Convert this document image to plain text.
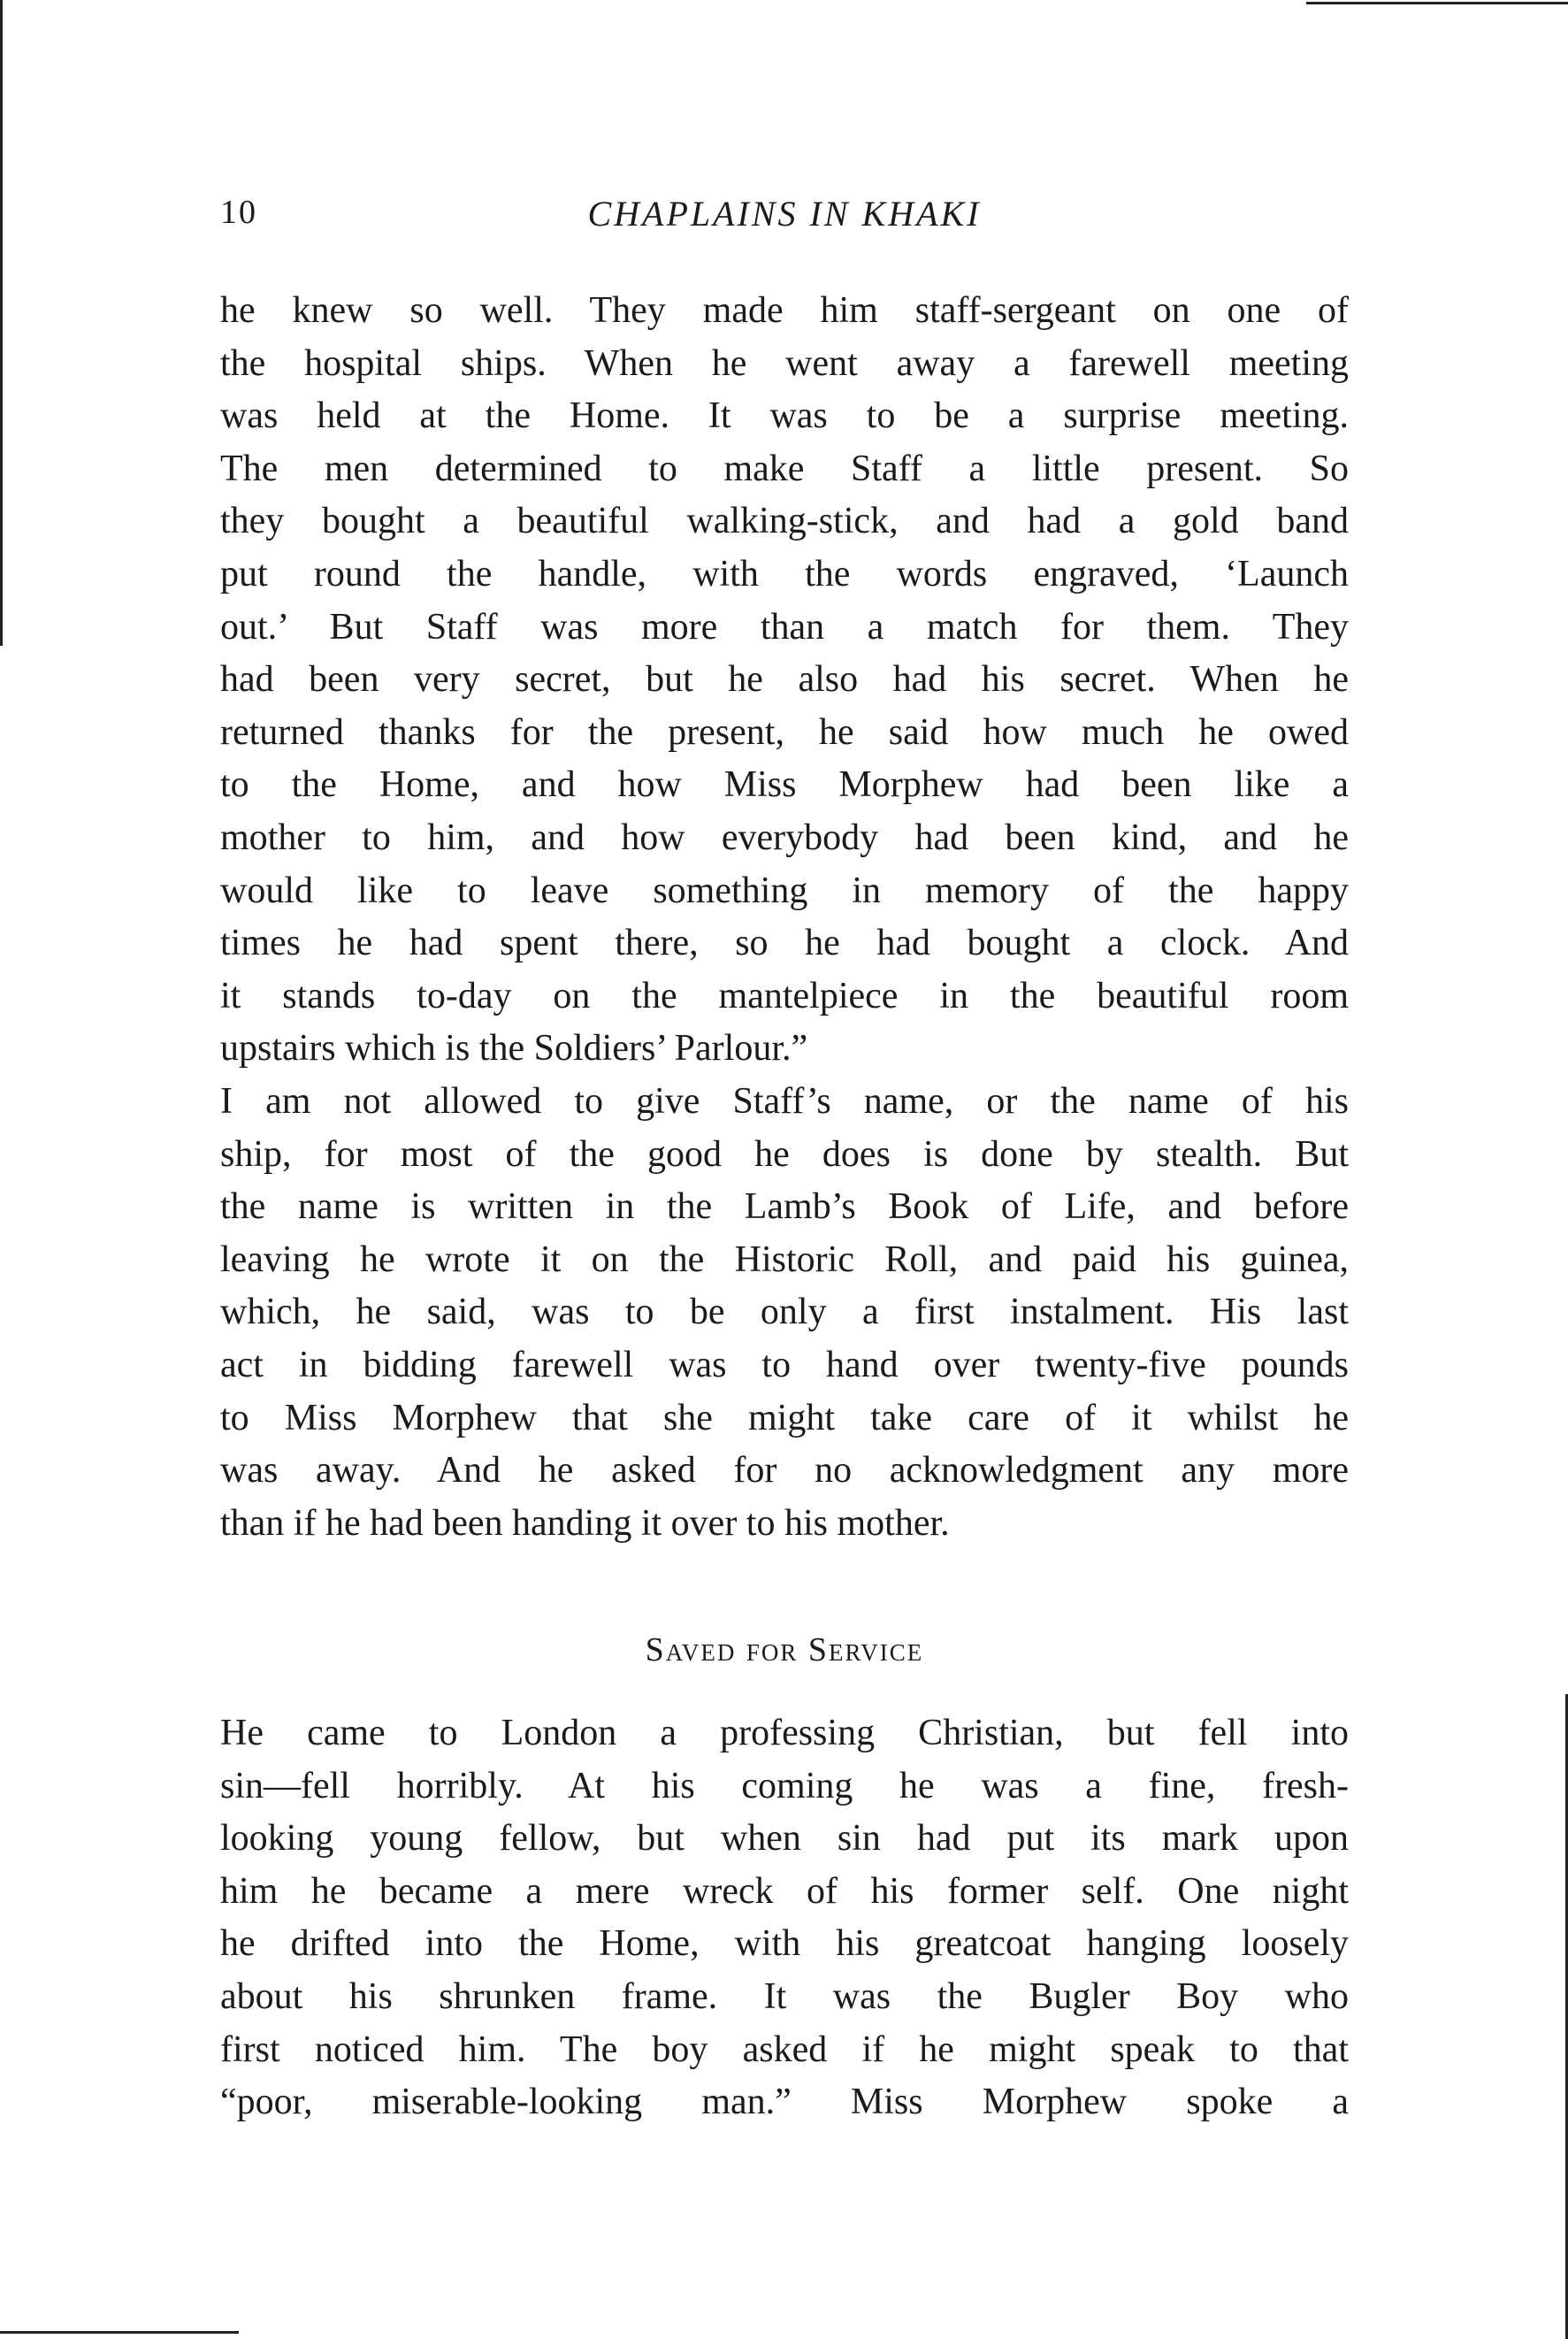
10	CHAPLAINS IN KHAKI
he knew so well. They made him staff-sergeant on one of
the hospital ships. When he went away a farewell meeting
was held at the Home. It was to be a surprise meeting.
The men determined to make Staff a little present. So
they bought a beautiful walking-stick, and had a gold band
put round the handle, with the words engraved, ‘Launch
out.’ But Staff was more than a match for them. They
had been very secret, but he also had his secret. When he
returned thanks for the present, he said how much he owed
to the Home, and how Miss Morphew had been like a
mother to him, and how everybody had been kind, and he
would like to leave something in memory of the happy
times he had spent there, so he had bought a clock. And
it stands to-day on the mantelpiece in the beautiful room
upstairs which is the Soldiers’ Parlour.”
I am not allowed to give Staff’s name, or the name of his
ship, for most of the good he does is done by stealth. But
the name is written in the Lamb’s Book of Life, and before
leaving he wrote it on the Historic Roll, and paid his guinea,
which, he said, was to be only a first instalment. His last
act in bidding farewell was to hand over twenty-five pounds
to Miss Morphew that she might take care of it whilst he
was away. And he asked for no acknowledgment any more
than if he had been handing it over to his mother.
Saved for Service
He came to London a professing Christian, but fell into
sin—fell horribly. At his coming he was a fine, fresh-
looking young fellow, but when sin had put its mark upon
him he became a mere wreck of his former self. One night
he drifted into the Home, with his greatcoat hanging loosely
about his shrunken frame. It was the Bugler Boy who
first noticed him. The boy asked if he might speak to that
“poor, miserable-looking man.” Miss Morphew spoke a
